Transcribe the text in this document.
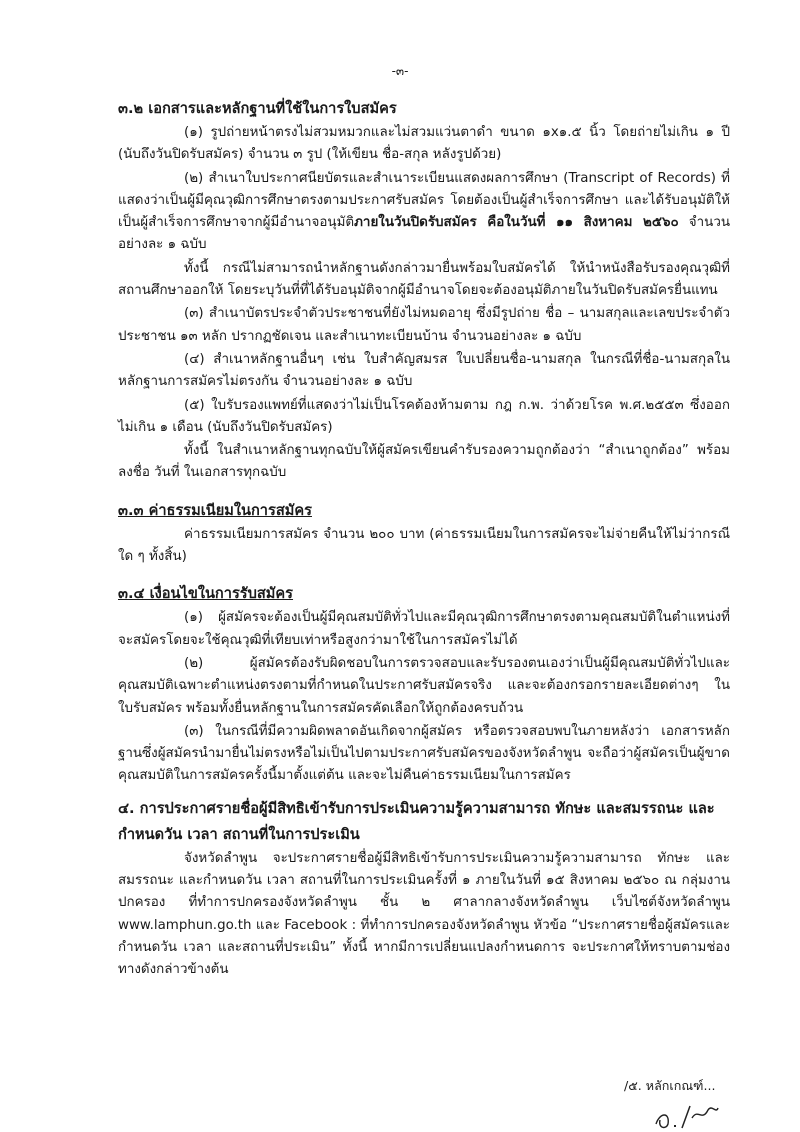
-๓-

๓.๒ เอกสารและหลักฐานที่ใช้ในการใบสมัคร

(๑) รูปถ่ายหน้าตรงไม่สวมหมวกและไม่สวมแว่นตาดำ ขนาด ๑x๑.๕ นิ้ว โดยถ่ายไม่เกิน ๑ ปี (นับถึงวันปิดรับสมัคร) จำนวน ๓ รูป (ให้เขียน ชื่อ-สกุล หลังรูปด้วย)

(๒) สำเนาใบประกาศนียบัตรและสำเนาระเบียนแสดงผลการศึกษา (Transcript of Records) ที่แสดงว่าเป็นผู้มีคุณวุฒิการศึกษาตรงตามประกาศรับสมัคร โดยต้องเป็นผู้สำเร็จการศึกษา และได้รับอนุมัติให้เป็นผู้สำเร็จการศึกษาจากผู้มีอำนาจอนุมัติภายในวันปิดรับสมัคร คือในวันที่ ๑๑ สิงหาคม ๒๕๖๐ จำนวนอย่างละ ๑ ฉบับ

ทั้งนี้ กรณีไม่สามารถนำหลักฐานดังกล่าวมายื่นพร้อมใบสมัครได้ ให้นำหนังสือรับรองคุณวุฒิที่สถานศึกษาออกให้ โดยระบุวันที่ที่ได้รับอนุมัติจากผู้มีอำนาจโดยจะต้องอนุมัติภายในวันปิดรับสมัครยื่นแทน

(๓) สำเนาบัตรประจำตัวประชาชนที่ยังไม่หมดอายุ ซึ่งมีรูปถ่าย ชื่อ – นามสกุลและเลขประจำตัวประชาชน ๑๓ หลัก ปรากฏชัดเจน และสำเนาทะเบียนบ้าน จำนวนอย่างละ ๑ ฉบับ

(๔) สำเนาหลักฐานอื่นๆ เช่น ใบสำคัญสมรส ใบเปลี่ยนชื่อ-นามสกุล ในกรณีที่ชื่อ-นามสกุลในหลักฐานการสมัครไม่ตรงกัน จำนวนอย่างละ ๑ ฉบับ

(๕) ใบรับรองแพทย์ที่แสดงว่าไม่เป็นโรคต้องห้ามตาม กฎ ก.พ. ว่าด้วยโรค พ.ศ.๒๕๕๓ ซึ่งออกไม่เกิน ๑ เดือน (นับถึงวันปิดรับสมัคร)

ทั้งนี้ ในสำเนาหลักฐานทุกฉบับให้ผู้สมัครเขียนคำรับรองความถูกต้องว่า “สำเนาถูกต้อง” พร้อมลงชื่อ วันที่ ในเอกสารทุกฉบับ

๓.๓ ค่าธรรมเนียมในการสมัคร

ค่าธรรมเนียมการสมัคร จำนวน ๒๐๐ บาท (ค่าธรรมเนียมในการสมัครจะไม่จ่ายคืนให้ไม่ว่ากรณีใด ๆ ทั้งสิ้น)

๓.๔ เงื่อนไขในการรับสมัคร

(๑) ผู้สมัครจะต้องเป็นผู้มีคุณสมบัติทั่วไปและมีคุณวุฒิการศึกษาตรงตามคุณสมบัติในตำแหน่งที่จะสมัครโดยจะใช้คุณวุฒิที่เทียบเท่าหรือสูงกว่ามาใช้ในการสมัครไม่ได้

(๒) ผู้สมัครต้องรับผิดชอบในการตรวจสอบและรับรองตนเองว่าเป็นผู้มีคุณสมบัติทั่วไปและคุณสมบัติเฉพาะตำแหน่งตรงตามที่กำหนดในประกาศรับสมัครจริง และจะต้องกรอกรายละเอียดต่างๆ ในใบรับสมัคร พร้อมทั้งยื่นหลักฐานในการสมัครคัดเลือกให้ถูกต้องครบถ้วน

(๓) ในกรณีที่มีความผิดพลาดอันเกิดจากผู้สมัคร หรือตรวจสอบพบในภายหลังว่า เอกสารหลักฐานซึ่งผู้สมัครนำมายื่นไม่ตรงหรือไม่เป็นไปตามประกาศรับสมัครของจังหวัดลำพูน จะถือว่าผู้สมัครเป็นผู้ขาดคุณสมบัติในการสมัครครั้งนี้มาตั้งแต่ต้น และจะไม่คืนค่าธรรมเนียมในการสมัคร

๔. การประกาศรายชื่อผู้มีสิทธิเข้ารับการประเมินความรู้ความสามารถ ทักษะ และสมรรถนะ และกำหนดวัน เวลา สถานที่ในการประเมิน

จังหวัดลำพูน จะประกาศรายชื่อผู้มีสิทธิเข้ารับการประเมินความรู้ความสามารถ ทักษะ และสมรรถนะ และกำหนดวัน เวลา สถานที่ในการประเมินครั้งที่ ๑ ภายในวันที่ ๑๕ สิงหาคม ๒๕๖๐ ณ กลุ่มงานปกครอง ที่ทำการปกครองจังหวัดลำพูน ชั้น ๒ ศาลากลางจังหวัดลำพูน เว็บไซต์จังหวัดลำพูน www.lamphun.go.th และ Facebook : ที่ทำการปกครองจังหวัดลำพูน หัวข้อ “ประกาศรายชื่อผู้สมัครและกำหนดวัน เวลา และสถานที่ประเมิน” ทั้งนี้ หากมีการเปลี่ยนแปลงกำหนดการ จะประกาศให้ทราบตามช่องทางดังกล่าวข้างต้น

/๕. หลักเกณฑ์...
